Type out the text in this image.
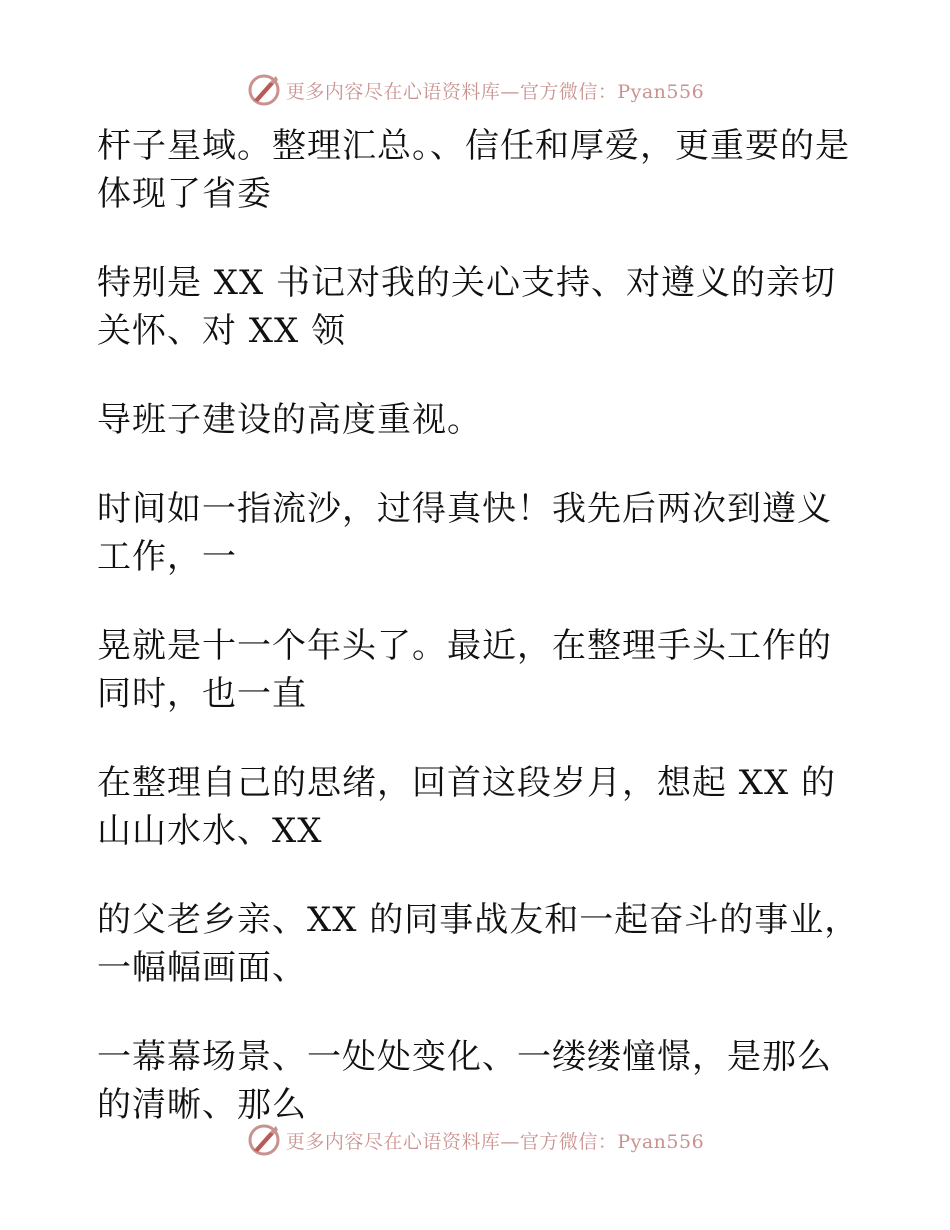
更多内容尽在心语资料库—官方微信：Pyan556

杆子星域。整理汇总。、信任和厚爱，更重要的是
体现了省委

特别是 XX 书记对我的关心支持、对遵义的亲切
关怀、对 XX 领

导班子建设的高度重视。

时间如一指流沙，过得真快！我先后两次到遵义
工作，一

晃就是十一个年头了。最近，在整理手头工作的
同时，也一直

在整理自己的思绪，回首这段岁月，想起 XX 的
山山水水、XX

的父老乡亲、XX 的同事战友和一起奋斗的事业，
一幅幅画面、

一幕幕场景、一处处变化、一缕缕憧憬，是那么
的清晰、那么

更多内容尽在心语资料库—官方微信：Pyan556
